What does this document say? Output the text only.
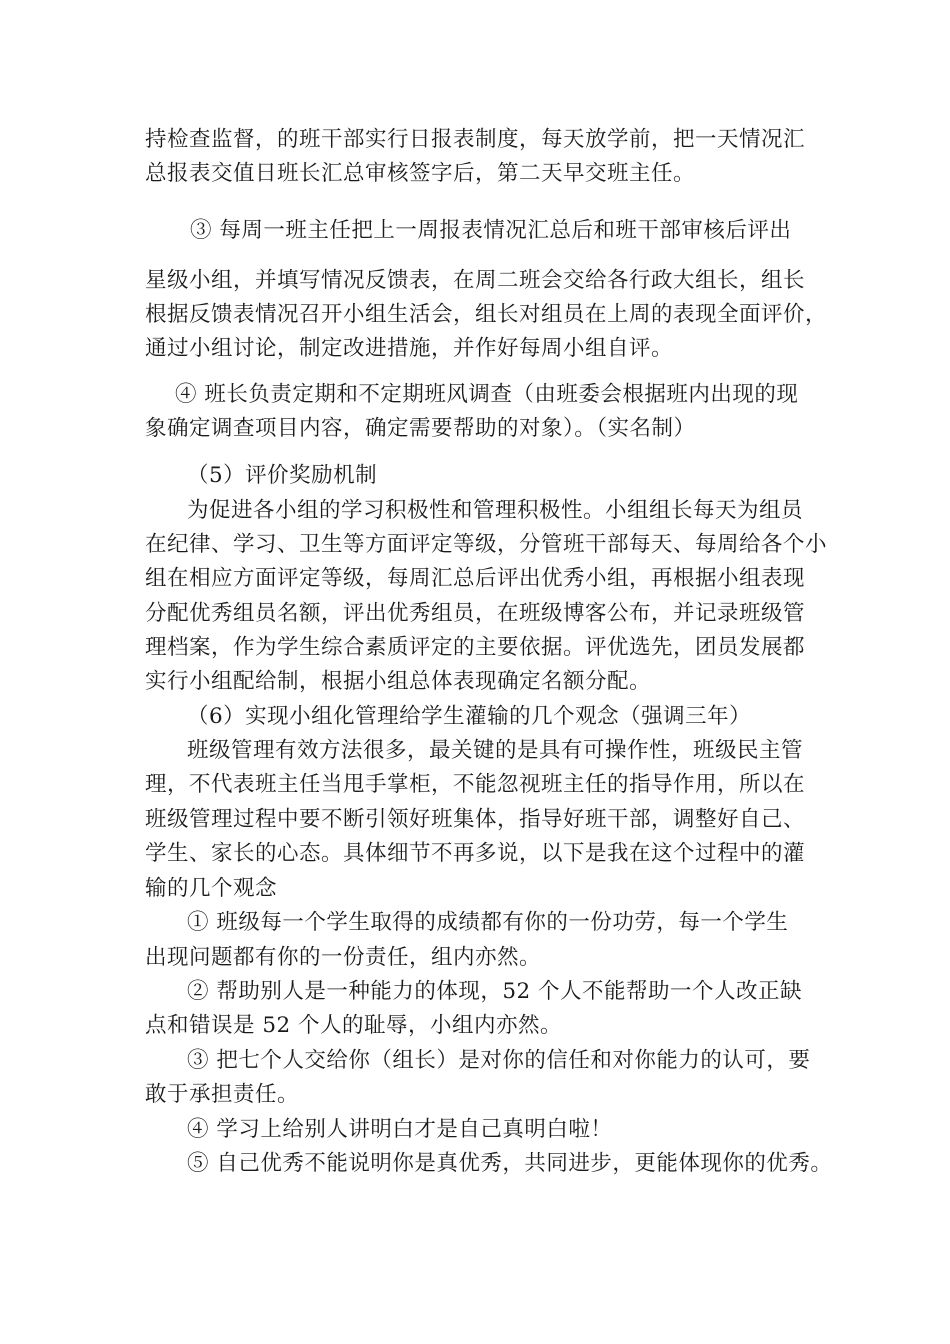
持检查监督，的班干部实行日报表制度，每天放学前，把一天情况汇
总报表交值日班长汇总审核签字后，第二天早交班主任。
③ 每周一班主任把上一周报表情况汇总后和班干部审核后评出
星级小组，并填写情况反馈表，在周二班会交给各行政大组长，组长
根据反馈表情况召开小组生活会，组长对组员在上周的表现全面评价，
通过小组讨论，制定改进措施，并作好每周小组自评。
④ 班长负责定期和不定期班风调查（由班委会根据班内出现的现
象确定调查项目内容，确定需要帮助的对象）。（实名制）
（5）评价奖励机制
为促进各小组的学习积极性和管理积极性。小组组长每天为组员
在纪律、学习、卫生等方面评定等级，分管班干部每天、每周给各个小
组在相应方面评定等级，每周汇总后评出优秀小组，再根据小组表现
分配优秀组员名额，评出优秀组员，在班级博客公布，并记录班级管
理档案，作为学生综合素质评定的主要依据。评优选先，团员发展都
实行小组配给制，根据小组总体表现确定名额分配。
（6）实现小组化管理给学生灌输的几个观念（强调三年）
班级管理有效方法很多，最关键的是具有可操作性，班级民主管
理，不代表班主任当甩手掌柜，不能忽视班主任的指导作用，所以在
班级管理过程中要不断引领好班集体，指导好班干部，调整好自己、
学生、家长的心态。具体细节不再多说，以下是我在这个过程中的灌
输的几个观念
① 班级每一个学生取得的成绩都有你的一份功劳，每一个学生
出现问题都有你的一份责任，组内亦然。
② 帮助别人是一种能力的体现，52 个人不能帮助一个人改正缺
点和错误是 52 个人的耻辱，小组内亦然。
③ 把七个人交给你（组长）是对你的信任和对你能力的认可，要
敢于承担责任。
④ 学习上给别人讲明白才是自己真明白啦！
⑤ 自己优秀不能说明你是真优秀，共同进步，更能体现你的优秀。
